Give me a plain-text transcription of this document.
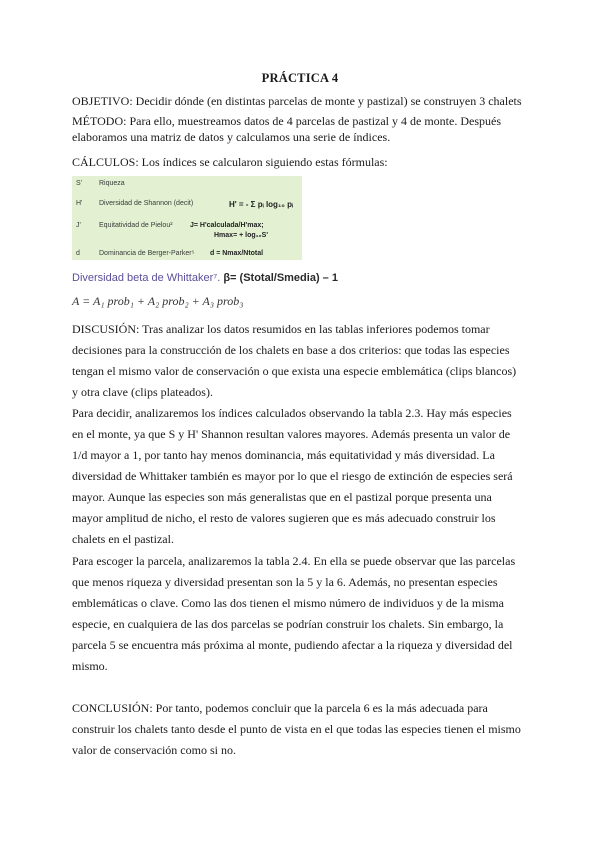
PRÁCTICA 4
OBJETIVO: Decidir dónde (en distintas parcelas de monte y pastizal) se construyen 3 chalets
MÉTODO: Para ello, muestreamos datos de 4 parcelas de pastizal y 4 de monte. Después
elaboramos una matriz de datos y calculamos una serie de índices.
CÁLCULOS: Los índices se calcularon siguiendo estas fórmulas:
S' Riqueza
H' Diversidad de Shannon (decit)	H' = - Σ pᵢ log₁₀ pᵢ
J'	Equitatividad de Pielou² J= H'calculada/H'max;
Hmax= + log₁₀S'
d	Dominancia de Berger-Parker⁵ d = Nmax/Ntotal
Diversidad beta de Whittaker⁷. β= (Stotal/Smedia) – 1
A = A₁ prob₁ + A₂ prob₂ + A₃ prob₃
DISCUSIÓN: Tras analizar los datos resumidos en las tablas inferiores podemos tomar
decisiones para la construcción de los chalets en base a dos criterios: que todas las especies
tengan el mismo valor de conservación o que exista una especie emblemática (clips blancos)
y otra clave (clips plateados).
Para decidir, analizaremos los índices calculados observando la tabla 2.3. Hay más especies
en el monte, ya que S y H' Shannon resultan valores mayores. Además presenta un valor de
1/d mayor a 1, por tanto hay menos dominancia, más equitatividad y más diversidad. La
diversidad de Whittaker también es mayor por lo que el riesgo de extinción de especies será
mayor. Aunque las especies son más generalistas que en el pastizal porque presenta una
mayor amplitud de nicho, el resto de valores sugieren que es más adecuado construir los
chalets en el pastizal.
Para escoger la parcela, analizaremos la tabla 2.4. En ella se puede observar que las parcelas
que menos riqueza y diversidad presentan son la 5 y la 6. Además, no presentan especies
emblemáticas o clave. Como las dos tienen el mismo número de individuos y de la misma
especie, en cualquiera de las dos parcelas se podrían construir los chalets. Sin embargo, la
parcela 5 se encuentra más próxima al monte, pudiendo afectar a la riqueza y diversidad del
mismo.
CONCLUSIÓN: Por tanto, podemos concluir que la parcela 6 es la más adecuada para
construir los chalets tanto desde el punto de vista en el que todas las especies tienen el mismo
valor de conservación como si no.
